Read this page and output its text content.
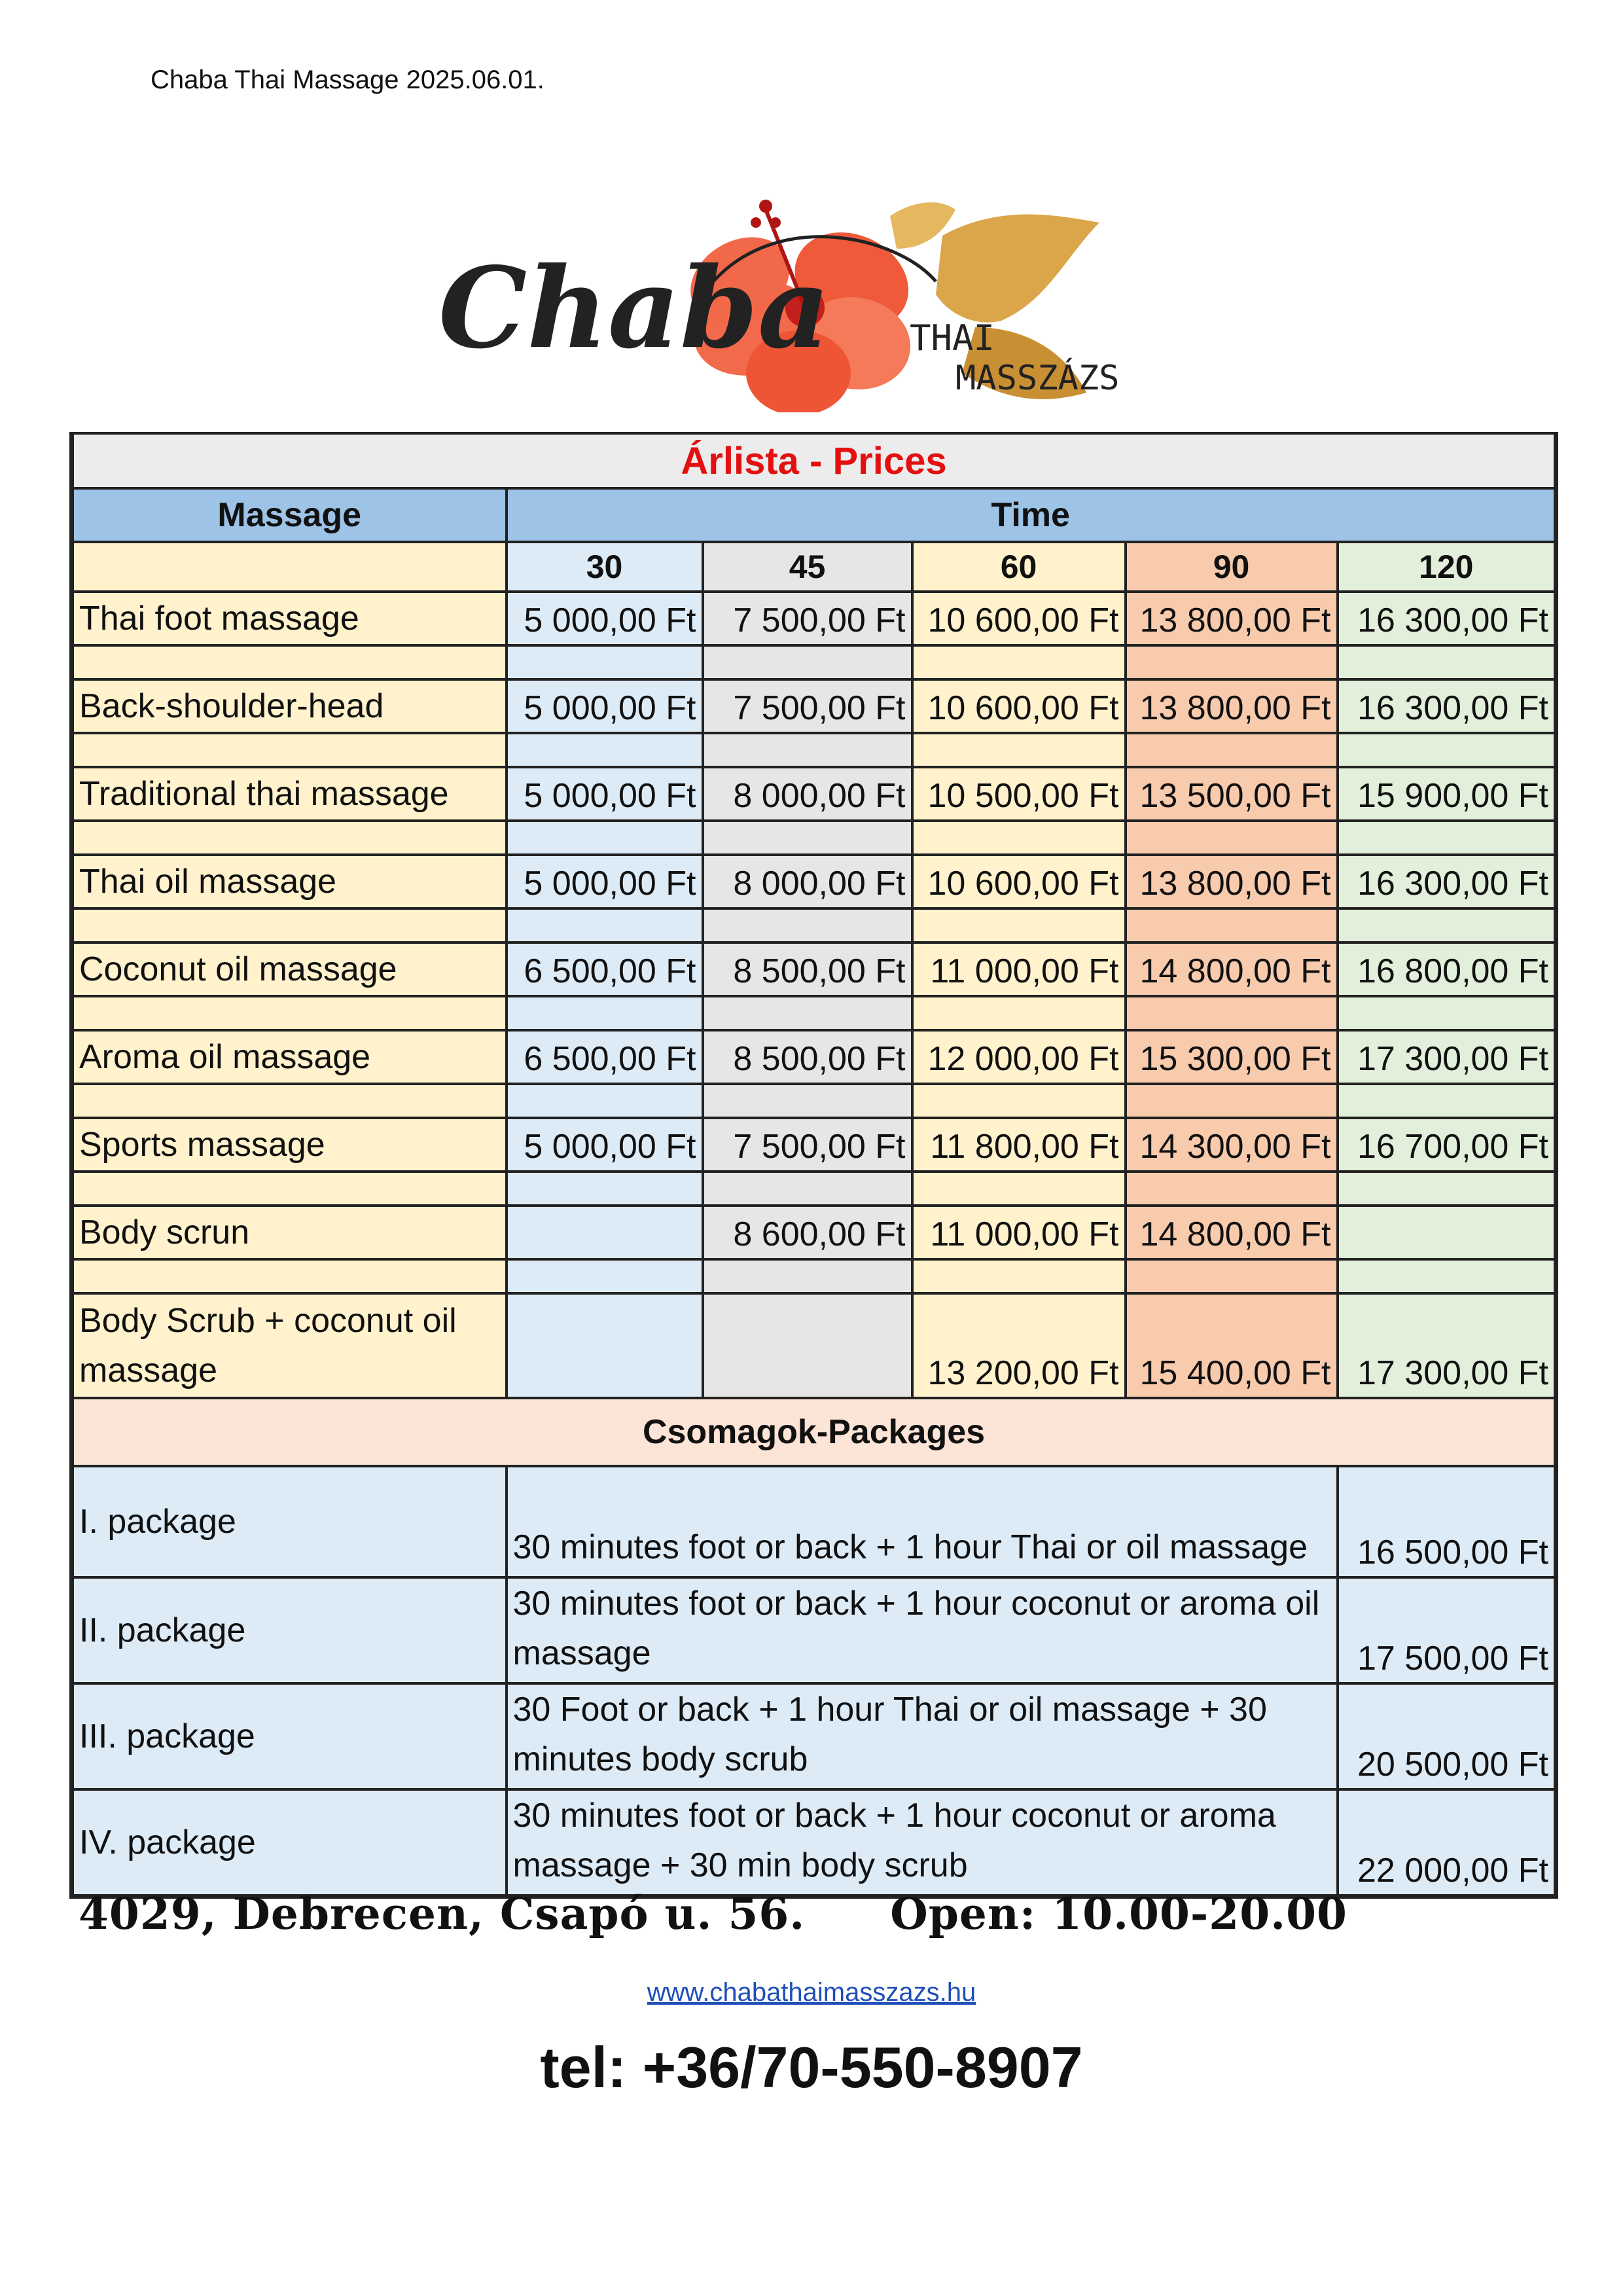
Chaba Thai Massage 2025.06.01.
Chaba THAI
MASSZÁZS
Árlista - Prices					
Massage	Time				
	30	45	60	90	120
Thai foot massage	5 000,00 Ft	7 500,00 Ft	10 600,00 Ft	13 800,00 Ft	16 300,00 Ft

Back-shoulder-head	5 000,00 Ft	7 500,00 Ft	10 600,00 Ft	13 800,00 Ft	16 300,00 Ft

Traditional thai massage	5 000,00 Ft	8 000,00 Ft	10 500,00 Ft	13 500,00 Ft	15 900,00 Ft

Thai oil massage	5 000,00 Ft	8 000,00 Ft	10 600,00 Ft	13 800,00 Ft	16 300,00 Ft

Coconut oil massage	6 500,00 Ft	8 500,00 Ft	11 000,00 Ft	14 800,00 Ft	16 800,00 Ft

Aroma oil massage	6 500,00 Ft	8 500,00 Ft	12 000,00 Ft	15 300,00 Ft	17 300,00 Ft

Sports massage	5 000,00 Ft	7 500,00 Ft	11 800,00 Ft	14 300,00 Ft	16 700,00 Ft

Body scrun		8 600,00 Ft	11 000,00 Ft	14 800,00 Ft	

Body Scrub + coconut oil massage			13 200,00 Ft	15 400,00 Ft	17 300,00 Ft
Csomagok-Packages					
I. package	30 minutes foot or back + 1 hour Thai or oil massage				16 500,00 Ft
II. package	30 minutes foot or back + 1 hour coconut or aroma oil massage				17 500,00 Ft
III. package	30 Foot or back + 1 hour Thai or oil massage + 30 minutes body scrub				20 500,00 Ft
IV. package	30 minutes foot or back + 1 hour coconut or aroma massage + 30 min body scrub				22 000,00 Ft
4029, Debrecen, Csapó u. 56. Open: 10.00-20.00
www.chabathaimasszazs.hu
tel: +36/70-550-8907
